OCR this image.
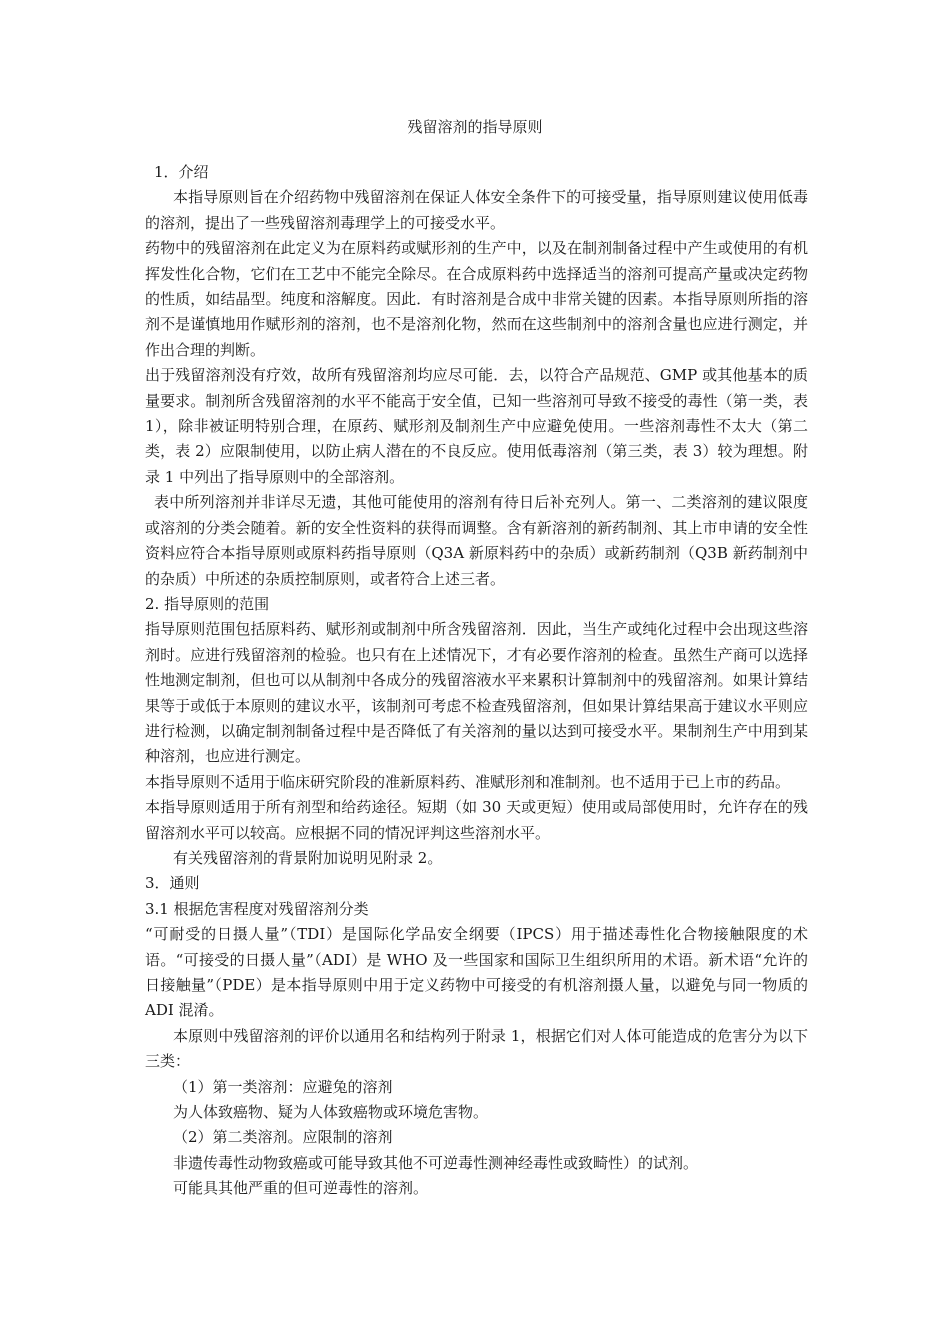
残留溶剂的指导原则

1．介绍

本指导原则旨在介绍药物中残留溶剂在保证人体安全条件下的可接受量，指导原则建议使用低毒的溶剂，提出了一些残留溶剂毒理学上的可接受水平。

药物中的残留溶剂在此定义为在原料药或赋形剂的生产中，以及在制剂制备过程中产生或使用的有机挥发性化合物，它们在工艺中不能完全除尽。在合成原料药中选择适当的溶剂可提高产量或决定药物的性质，如结晶型。纯度和溶解度。因此．有时溶剂是合成中非常关键的因素。本指导原则所指的溶剂不是谨慎地用作赋形剂的溶剂，也不是溶剂化物，然而在这些制剂中的溶剂含量也应进行测定，并作出合理的判断。

出于残留溶剂没有疗效，故所有残留溶剂均应尽可能．去，以符合产品规范、GMP 或其他基本的质量要求。制剂所含残留溶剂的水平不能高于安全值，已知一些溶剂可导致不接受的毒性（第一类，表 1），除非被证明特别合理，在原药、赋形剂及制剂生产中应避免使用。一些溶剂毒性不太大（第二类，表 2）应限制使用，以防止病人潜在的不良反应。使用低毒溶剂（第三类，表 3）较为理想。附录 1 中列出了指导原则中的全部溶剂。

表中所列溶剂并非详尽无遗，其他可能使用的溶剂有待日后补充列人。第一、二类溶剂的建议限度或溶剂的分类会随着。新的安全性资料的获得而调整。含有新溶剂的新药制剂、其上市申请的安全性资料应符合本指导原则或原料药指导原则（Q3A 新原料药中的杂质）或新药制剂（Q3B 新药制剂中的杂质）中所述的杂质控制原则，或者符合上述三者。

2. 指导原则的范围

指导原则范围包括原料药、赋形剂或制剂中所含残留溶剂．因此，当生产或纯化过程中会出现这些溶剂时。应进行残留溶剂的检验。也只有在上述情况下，才有必要作溶剂的检查。虽然生产商可以选择性地测定制剂，但也可以从制剂中各成分的残留溶液水平来累积计算制剂中的残留溶剂。如果计算结果等于或低于本原则的建议水平，该制剂可考虑不检查残留溶剂，但如果计算结果高于建议水平则应进行检测，以确定制剂制备过程中是否降低了有关溶剂的量以达到可接受水平。果制剂生产中用到某种溶剂，也应进行测定。

本指导原则不适用于临床研究阶段的准新原料药、准赋形剂和准制剂。也不适用于已上市的药品。

本指导原则适用于所有剂型和给药途径。短期（如 30 天或更短）使用或局部使用时，允许存在的残留溶剂水平可以较高。应根据不同的情况评判这些溶剂水平。

有关残留溶剂的背景附加说明见附录 2。

3．通则

3.1 根据危害程度对残留溶剂分类

“可耐受的日摄人量”（TDI）是国际化学品安全纲要（IPCS）用于描述毒性化合物接触限度的术语。“可接受的日摄人量”（ADI）是 WHO 及一些国家和国际卫生组织所用的术语。新术语“允许的日接触量”（PDE）是本指导原则中用于定义药物中可接受的有机溶剂摄人量，以避免与同一物质的 ADI 混淆。

本原则中残留溶剂的评价以通用名和结构列于附录 1，根据它们对人体可能造成的危害分为以下三类：

（1）第一类溶剂：应避兔的溶剂

为人体致癌物、疑为人体致癌物或环境危害物。

（2）第二类溶剂。应限制的溶剂

非遗传毒性动物致癌或可能导致其他不可逆毒性测神经毒性或致畸性）的试剂。

可能具其他严重的但可逆毒性的溶剂。
